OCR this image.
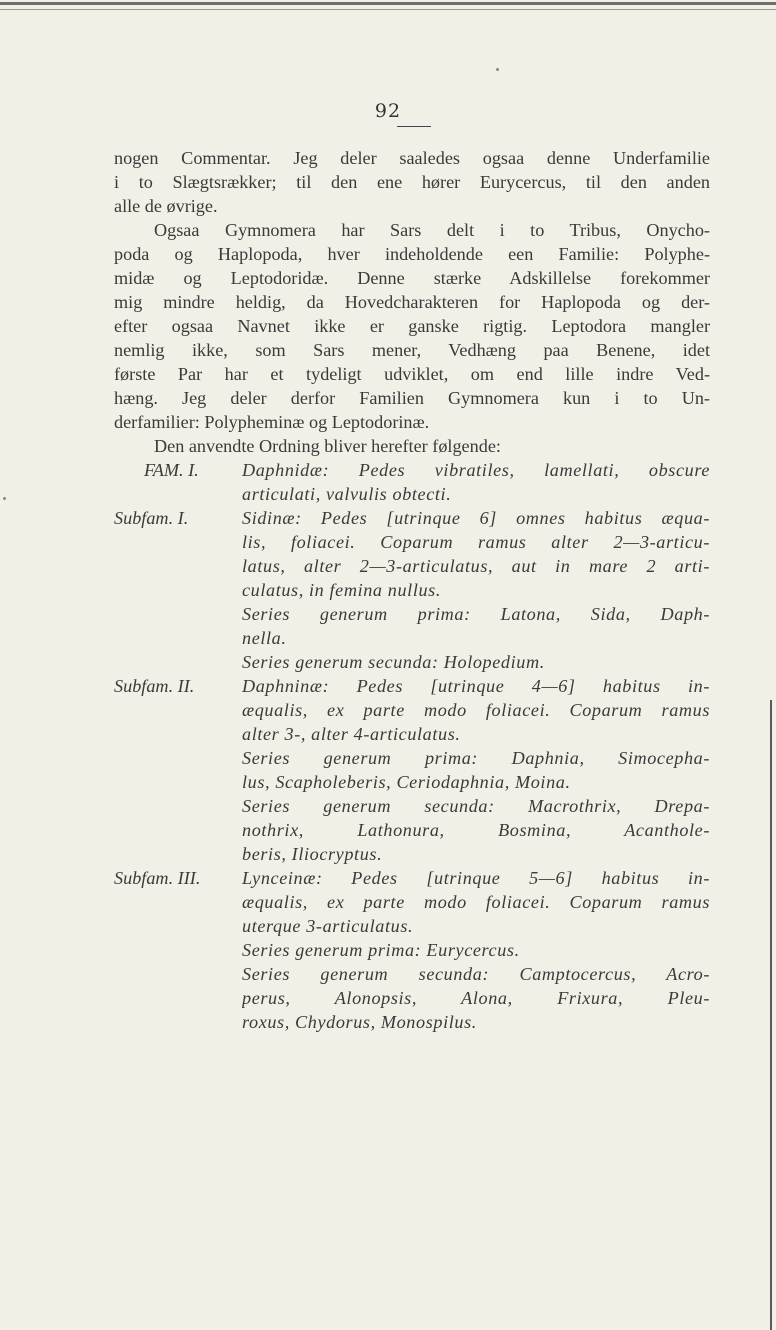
92
nogen Commentar. Jeg deler saaledes ogsaa denne Underfamilie
i to Slægtsrækker; til den ene hører Eurycercus, til den anden
alle de øvrige.
Ogsaa Gymnomera har Sars delt i to Tribus, Onycho-
poda og Haplopoda, hver indeholdende een Familie: Polyphe-
midæ og Leptodoridæ. Denne stærke Adskillelse forekommer
mig mindre heldig, da Hovedcharakteren for Haplopoda og der-
efter ogsaa Navnet ikke er ganske rigtig. Leptodora mangler
nemlig ikke, som Sars mener, Vedhæng paa Benene, idet
første Par har et tydeligt udviklet, om end lille indre Ved-
hæng. Jeg deler derfor Familien Gymnomera kun i to Un-
derfamilier: Polypheminæ og Leptodorinæ.
Den anvendte Ordning bliver herefter følgende:
FAM. I. Daphnidæ: Pedes vibratiles, lamellati, obscure
articulati, valvulis obtecti.
Subfam. I.	Sidinæ: Pedes [utrinque 6] omnes habitus æqua-
lis, foliacei. Coparum ramus alter 2—3-articu-
latus, alter 2—3-articulatus, aut in mare 2 arti-
culatus, in femina nullus.
Series generum prima: Latona, Sida, Daph-
nella.
Series generum secunda: Holopedium.
Subfam. II.	Daphninæ: Pedes [utrinque 4—6] habitus in-
æqualis, ex parte modo foliacei. Coparum ramus
alter 3-, alter 4-articulatus.
Series generum prima: Daphnia, Simocepha-
lus, Scapholeberis, Ceriodaphnia, Moina.
Series generum secunda: Macrothrix, Drepa-
nothrix, Lathonura, Bosmina, Acanthole-
beris, Iliocryptus.
Subfam. III. Lynceinæ: Pedes [utrinque 5—6] habitus in-
æqualis, ex parte modo foliacei. Coparum ramus
uterque 3-articulatus.
Series generum prima: Eurycercus.
Series generum secunda: Camptocercus, Acro-
perus, Alonopsis, Alona, Frixura, Pleu-
roxus, Chydorus, Monospilus.
